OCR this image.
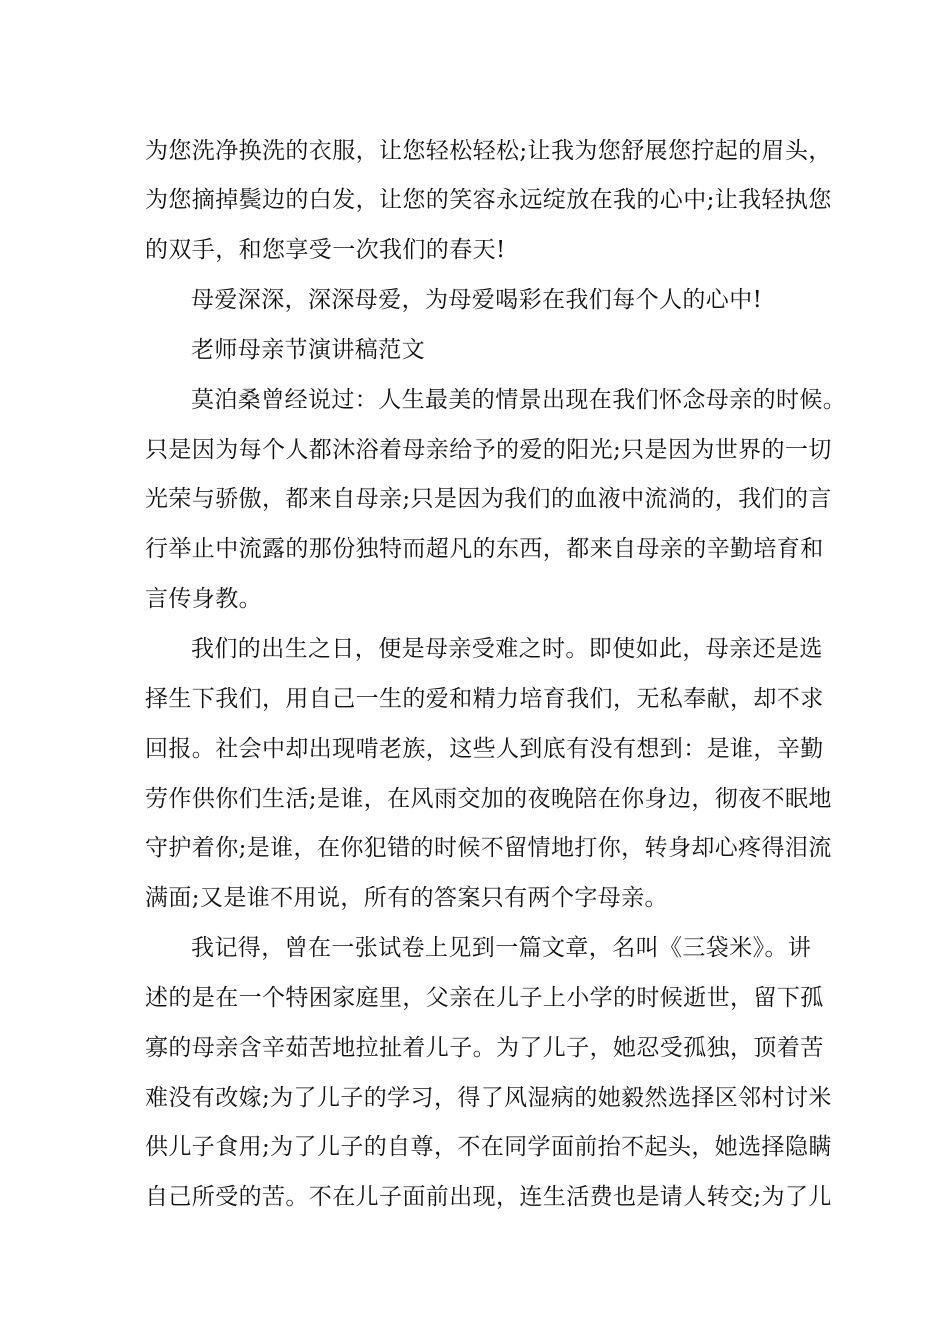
为您洗净换洗的衣服，让您轻松轻松;让我为您舒展您拧起的眉头，
为您摘掉鬓边的白发，让您的笑容永远绽放在我的心中;让我轻执您
的双手，和您享受一次我们的春天!
母爱深深，深深母爱，为母爱喝彩在我们每个人的心中!
老师母亲节演讲稿范文
莫泊桑曾经说过：人生最美的情景出现在我们怀念母亲的时候。
只是因为每个人都沐浴着母亲给予的爱的阳光;只是因为世界的一切
光荣与骄傲，都来自母亲;只是因为我们的血液中流淌的，我们的言
行举止中流露的那份独特而超凡的东西，都来自母亲的辛勤培育和
言传身教。
我们的出生之日，便是母亲受难之时。即使如此，母亲还是选
择生下我们，用自己一生的爱和精力培育我们，无私奉献，却不求
回报。社会中却出现啃老族，这些人到底有没有想到：是谁，辛勤
劳作供你们生活;是谁，在风雨交加的夜晚陪在你身边，彻夜不眠地
守护着你;是谁，在你犯错的时候不留情地打你，转身却心疼得泪流
满面;又是谁不用说，所有的答案只有两个字母亲。
我记得，曾在一张试卷上见到一篇文章，名叫《三袋米》。讲
述的是在一个特困家庭里，父亲在儿子上小学的时候逝世，留下孤
寡的母亲含辛茹苦地拉扯着儿子。为了儿子，她忍受孤独，顶着苦
难没有改嫁;为了儿子的学习，得了风湿病的她毅然选择区邻村讨米
供儿子食用;为了儿子的自尊，不在同学面前抬不起头，她选择隐瞒
自己所受的苦。不在儿子面前出现，连生活费也是请人转交;为了儿
